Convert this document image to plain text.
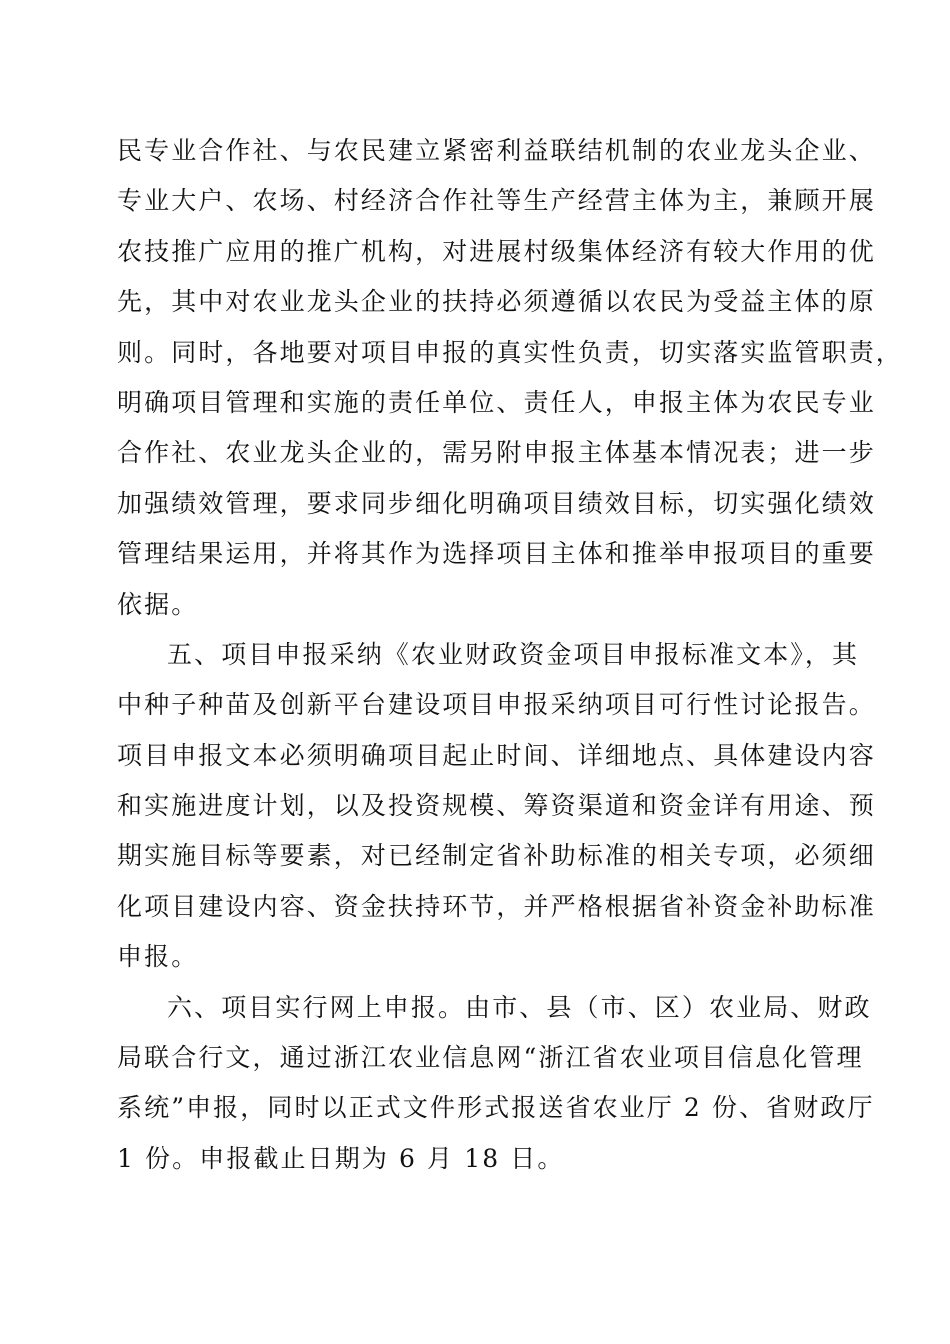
民专业合作社、与农民建立紧密利益联结机制的农业龙头企业、
专业大户、农场、村经济合作社等生产经营主体为主，兼顾开展
农技推广应用的推广机构，对进展村级集体经济有较大作用的优
先，其中对农业龙头企业的扶持必须遵循以农民为受益主体的原
则。同时，各地要对项目申报的真实性负责，切实落实监管职责，
明确项目管理和实施的责任单位、责任人，申报主体为农民专业
合作社、农业龙头企业的，需另附申报主体基本情况表；进一步
加强绩效管理，要求同步细化明确项目绩效目标，切实强化绩效
管理结果运用，并将其作为选择项目主体和推举申报项目的重要
依据。
五、项目申报采纳《农业财政资金项目申报标准文本》，其
中种子种苗及创新平台建设项目申报采纳项目可行性讨论报告。
项目申报文本必须明确项目起止时间、详细地点、具体建设内容
和实施进度计划，以及投资规模、筹资渠道和资金详有用途、预
期实施目标等要素，对已经制定省补助标准的相关专项，必须细
化项目建设内容、资金扶持环节，并严格根据省补资金补助标准
申报。
六、项目实行网上申报。由市、县（市、区）农业局、财政
局联合行文，通过浙江农业信息网“浙江省农业项目信息化管理
系统”申报，同时以正式文件形式报送省农业厅 2 份、省财政厅
1 份。申报截止日期为 6 月 18 日。
